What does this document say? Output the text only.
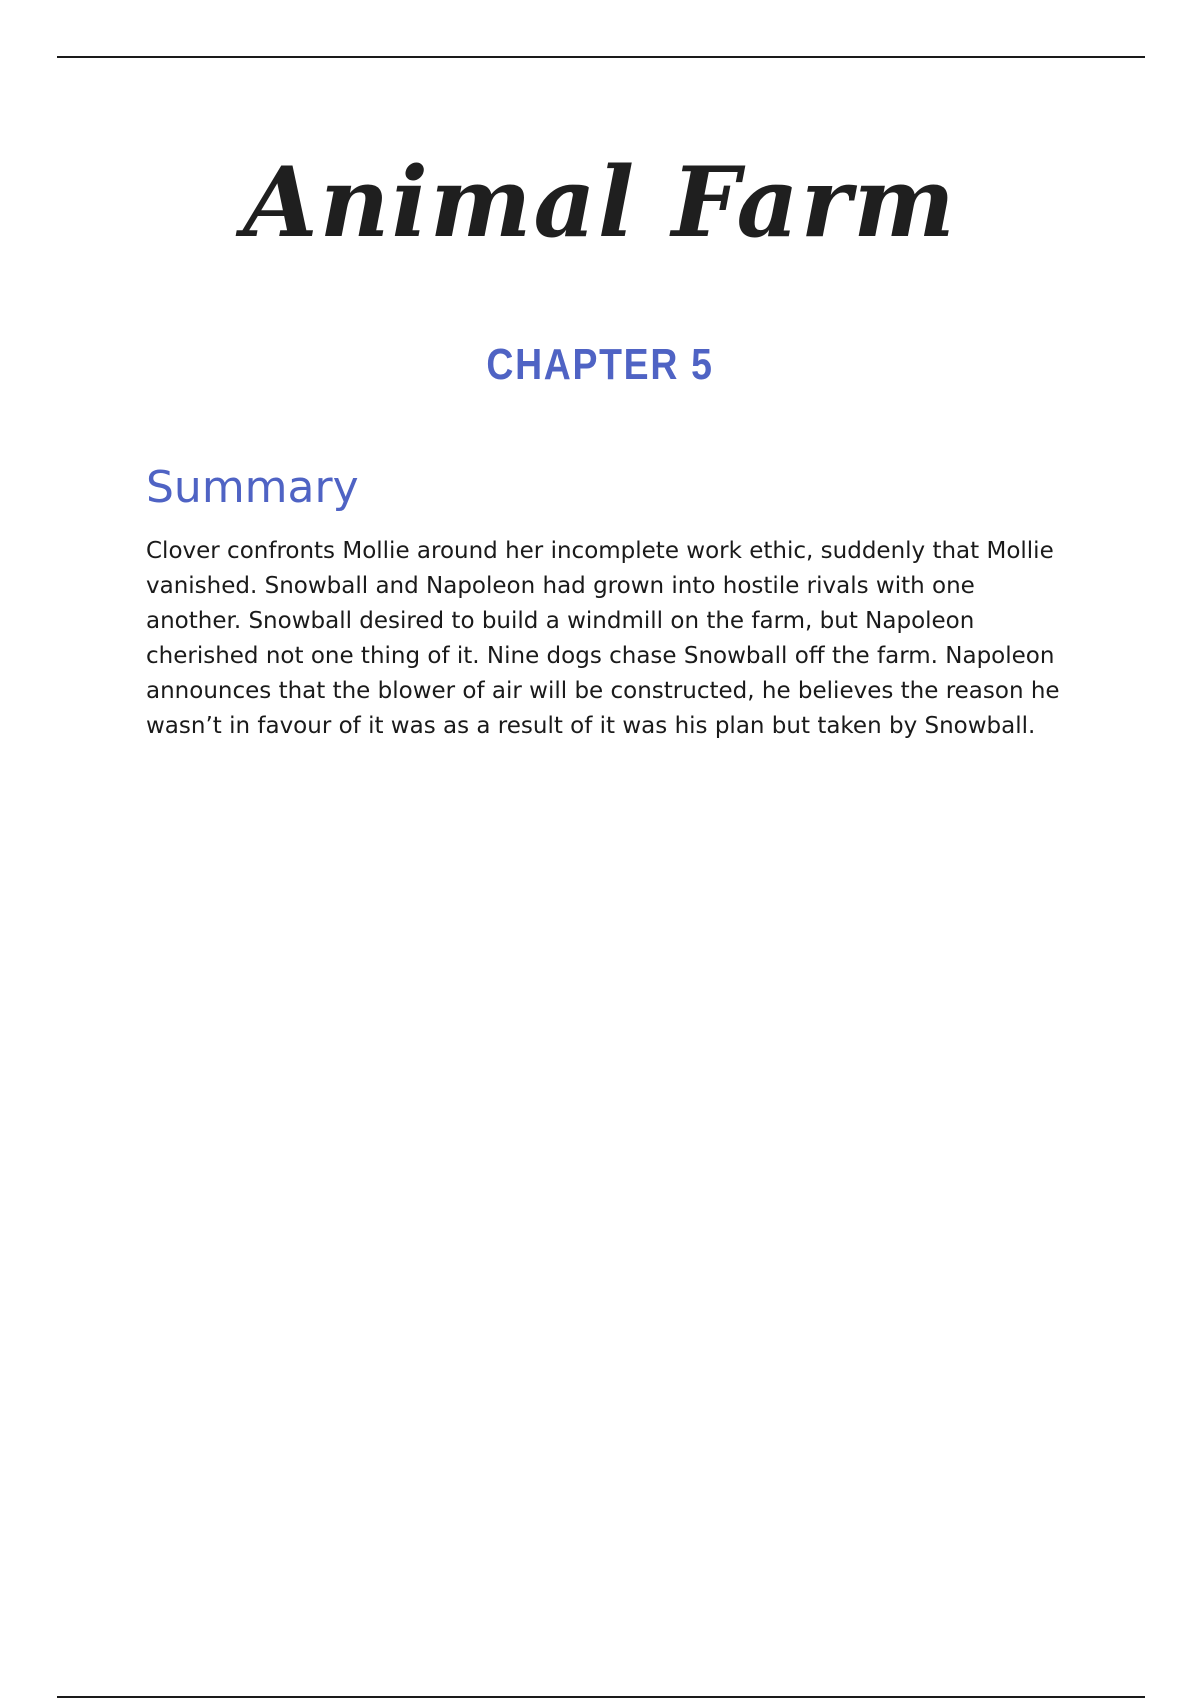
Animal Farm
CHAPTER 5
Summary
Clover confronts Mollie around her incomplete work ethic, suddenly that Mollie vanished. Snowball and Napoleon had grown into hostile rivals with one another. Snowball desired to build a windmill on the farm, but Napoleon cherished not one thing of it. Nine dogs chase Snowball off the farm. Napoleon announces that the blower of air will be constructed, he believes the reason he wasn’t in favour of it was as a result of it was his plan but taken by Snowball.
